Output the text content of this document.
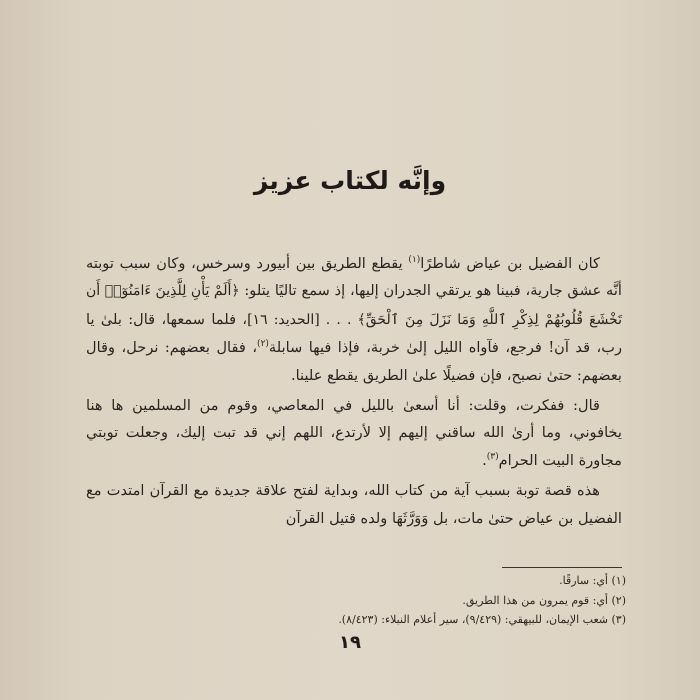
وإنَّه لكتاب عزيز

كان الفضيل بن عياض شاطرًا$^{(١)}$ يقطع الطريق بين أبيورد وسرخس، وكان سبب توبته أنَّه عشق جارية، فبينا هو يرتقي الجدران إليها، إذ سمع تاليًا يتلو: ﴿أَلَمْ يَأْنِ لِلَّذِينَ ءَامَنُوٓا۟ أَن تَخْشَعَ قُلُوبُهُمْ لِذِكْرِ ٱللَّهِ وَمَا نَزَلَ مِنَ ٱلْحَقِّ﴾ . . . [الحديد: ١٦]، فلما سمعها، قال: بلىٰ يا رب، قد آن! فرجع، فآواه الليل إلىٰ خربة، فإذا فيها سابلة$^{(٢)}$، فقال بعضهم: نرحل، وقال بعضهم: حتىٰ نصبح، فإن فضيلًا علىٰ الطريق يقطع علينا.

قال: ففكرت، وقلت: أنا أسعىٰ بالليل في المعاصي، وقوم من المسلمين ها هنا يخافوني، وما أرىٰ الله ساقني إليهم إلا لأرتدع، اللهم إني قد تبت إليك، وجعلت توبتي مجاورة البيت الحرام$^{(٣)}$.

هذه قصة توبة بسبب آية من كتاب الله، وبداية لفتح علاقة جديدة مع القرآن امتدت مع الفضيل بن عياض حتىٰ مات، بل وَوَرَّثَهَا ولده قتيل القرآن

(١) أي: سارقًا.
(٢) أي: قوم يمرون من هذا الطريق.
(٣) شعب الإيمان، للبيهقي: (٩/٤٢٩)، سير أعلام النبلاء: (٨/٤٢٣).
١٩
